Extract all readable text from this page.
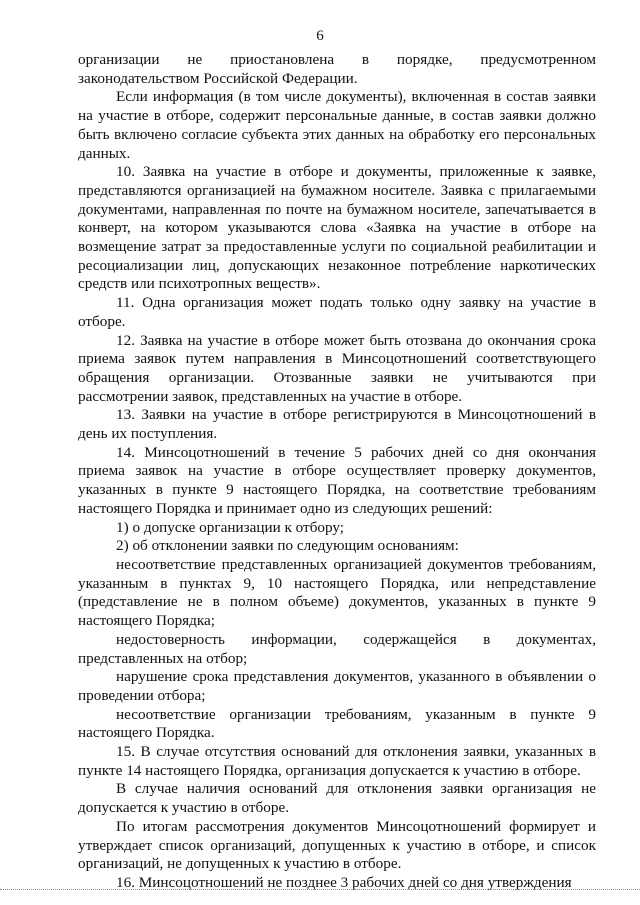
6

организации не приостановлена в порядке, предусмотренном законодательством Российской Федерации.

Если информация (в том числе документы), включенная в состав заявки на участие в отборе, содержит персональные данные, в состав заявки должно быть включено согласие субъекта этих данных на обработку его персональных данных.

10. Заявка на участие в отборе и документы, приложенные к заявке, представляются организацией на бумажном носителе. Заявка с прилагаемыми документами, направленная по почте на бумажном носителе, запечатывается в конверт, на котором указываются слова «Заявка на участие в отборе на возмещение затрат за предоставленные услуги по социальной реабилитации и ресоциализации лиц, допускающих незаконное потребление наркотических средств или психотропных веществ».

11. Одна организация может подать только одну заявку на участие в отборе.

12. Заявка на участие в отборе может быть отозвана до окончания срока приема заявок путем направления в Минсоцотношений соответствующего обращения организации. Отозванные заявки не учитываются при рассмотрении заявок, представленных на участие в отборе.

13. Заявки на участие в отборе регистрируются в Минсоцотношений в день их поступления.

14. Минсоцотношений в течение 5 рабочих дней со дня окончания приема заявок на участие в отборе осуществляет проверку документов, указанных в пункте 9 настоящего Порядка, на соответствие требованиям настоящего Порядка и принимает одно из следующих решений:

1) о допуске организации к отбору;

2) об отклонении заявки по следующим основаниям:

несоответствие представленных организацией документов требованиям, указанным в пунктах 9, 10 настоящего Порядка, или непредставление (представление не в полном объеме) документов, указанных в пункте 9 настоящего Порядка;

недостоверность информации, содержащейся в документах, представленных на отбор;

нарушение срока представления документов, указанного в объявлении о проведении отбора;

несоответствие организации требованиям, указанным в пункте 9 настоящего Порядка.

15. В случае отсутствия оснований для отклонения заявки, указанных в пункте 14 настоящего Порядка, организация допускается к участию в отборе.

В случае наличия оснований для отклонения заявки организация не допускается к участию в отборе.

По итогам рассмотрения документов Минсоцотношений формирует и утверждает список организаций, допущенных к участию в отборе, и список организаций, не допущенных к участию в отборе.

16. Минсоцотношений не позднее 3 рабочих дней со дня утверждения
